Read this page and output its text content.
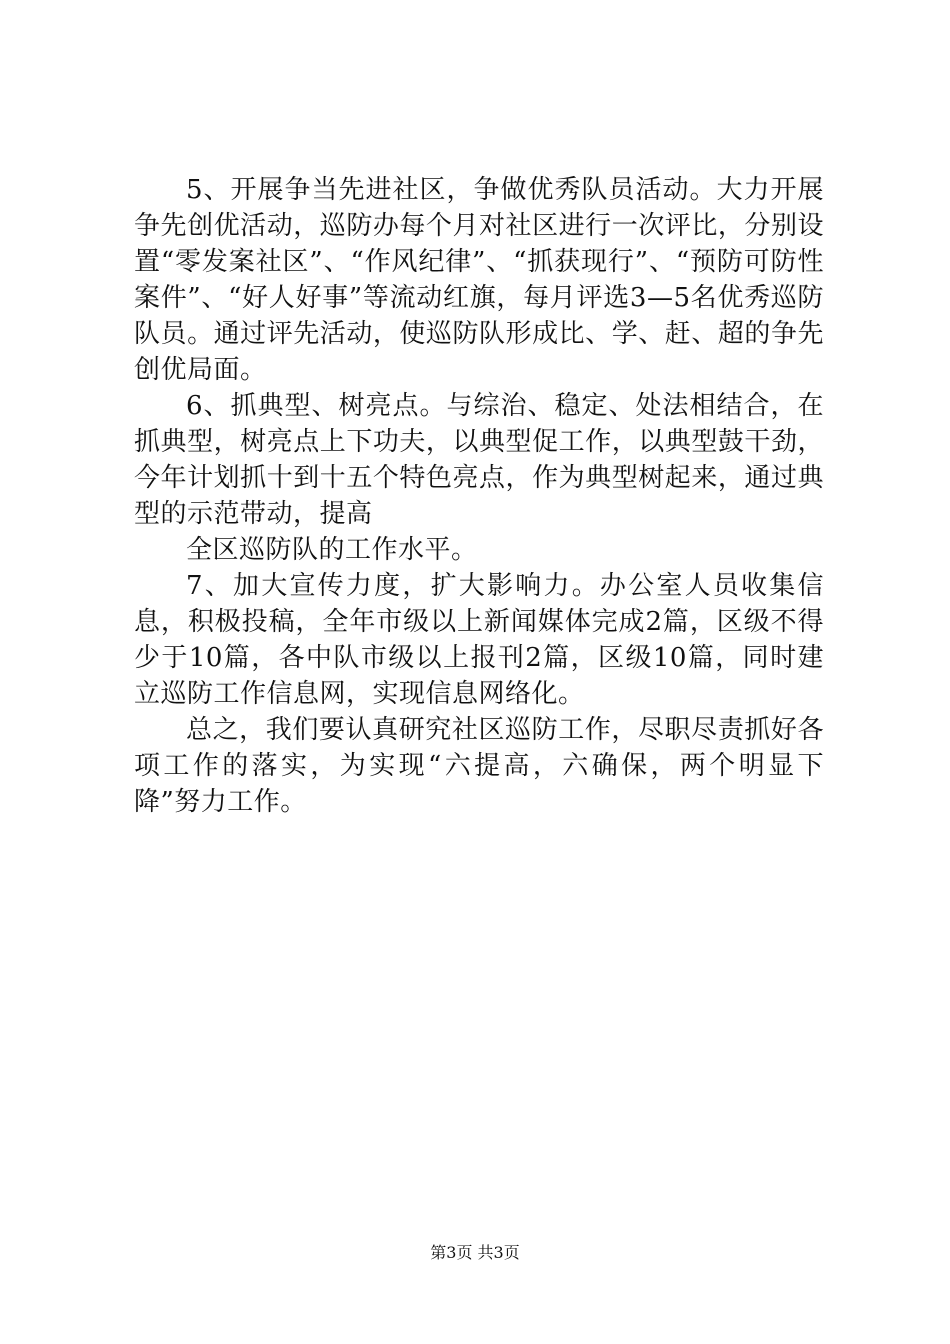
5、开展争当先进社区，争做优秀队员活动。大力开展争先创优活动，巡防办每个月对社区进行一次评比，分别设置“零发案社区”、“作风纪律”、“抓获现行”、“预防可防性案件”、“好人好事”等流动红旗，每月评选3—5名优秀巡防队员。通过评先活动，使巡防队形成比、学、赶、超的争先创优局面。

6、抓典型、树亮点。与综治、稳定、处法相结合，在抓典型，树亮点上下功夫，以典型促工作，以典型鼓干劲，今年计划抓十到十五个特色亮点，作为典型树起来，通过典型的示范带动，提高

全区巡防队的工作水平。

7、加大宣传力度，扩大影响力。办公室人员收集信息，积极投稿，全年市级以上新闻媒体完成2篇，区级不得少于10篇，各中队市级以上报刊2篇，区级10篇，同时建立巡防工作信息网，实现信息网络化。

总之，我们要认真研究社区巡防工作，尽职尽责抓好各项工作的落实，为实现“六提高，六确保，两个明显下降”努力工作。

第3页 共3页
